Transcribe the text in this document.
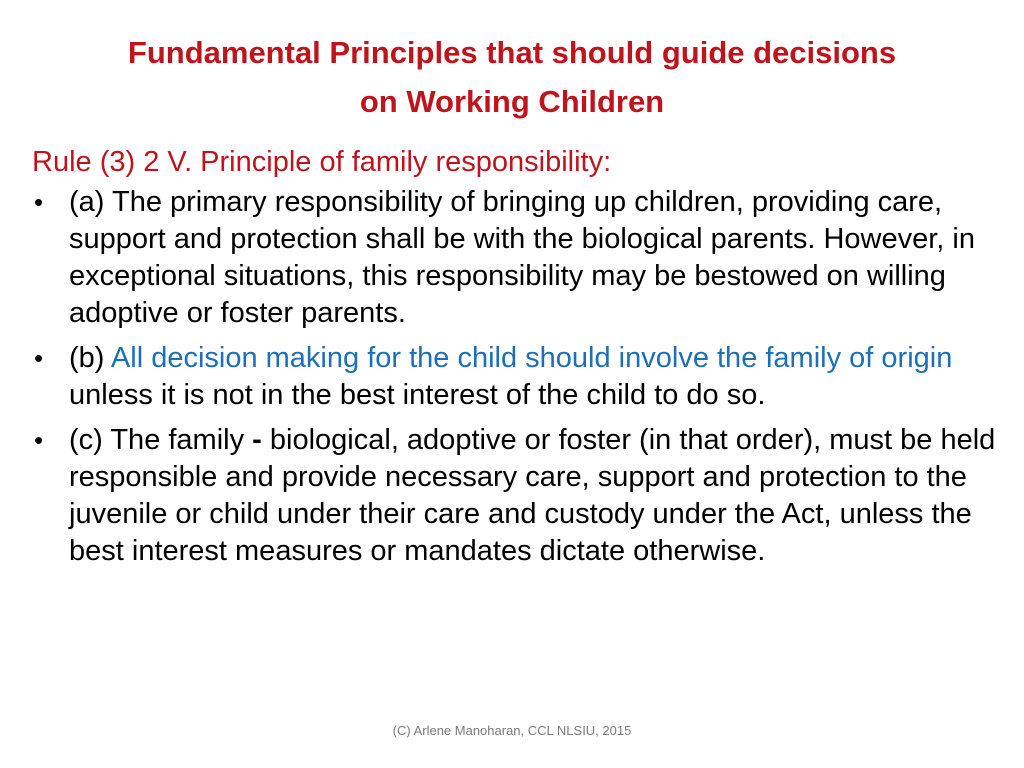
Fundamental Principles that should guide decisions
on Working Children
Rule (3) 2 V. Principle of family responsibility:
• (a) The primary responsibility of bringing up children, providing care, support and protection shall be with the biological parents. However, in exceptional situations, this responsibility may be bestowed on willing adoptive or foster parents.
• (b) All decision making for the child should involve the family of origin unless it is not in the best interest of the child to do so.
• (c) The family - biological, adoptive or foster (in that order), must be held responsible and provide necessary care, support and protection to the juvenile or child under their care and custody under the Act, unless the best interest measures or mandates dictate otherwise.
(C) Arlene Manoharan, CCL NLSIU, 2015
